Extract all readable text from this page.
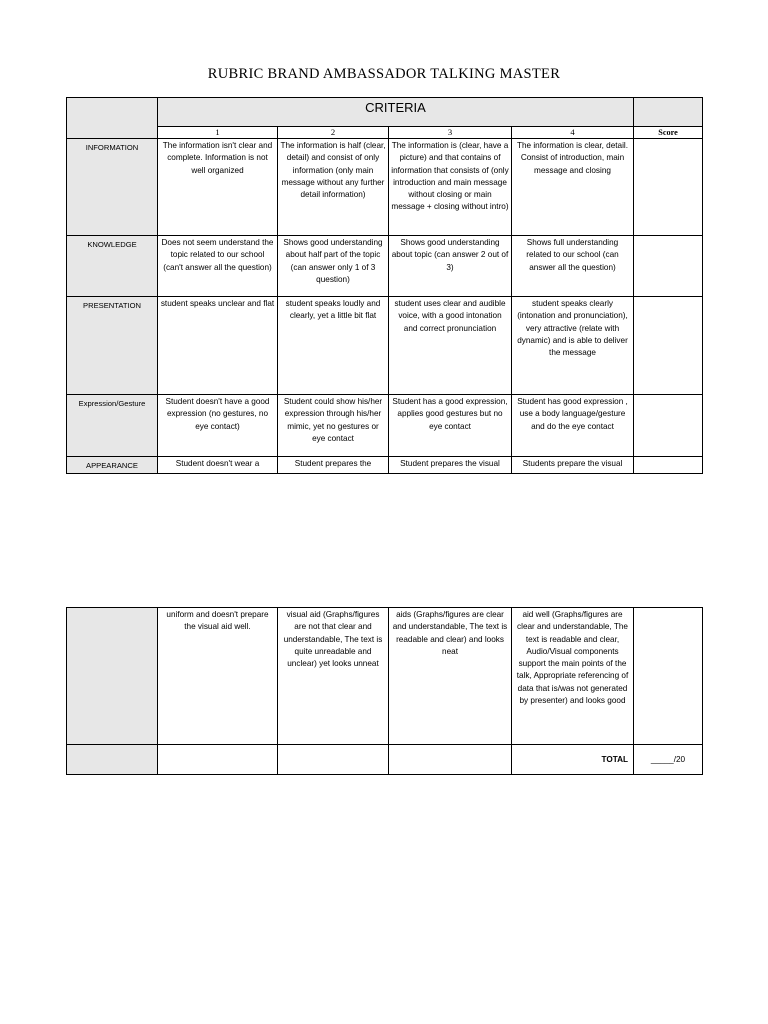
RUBRIC BRAND AMBASSADOR TALKING MASTER
	CRITERIA				
	1	2	3	4	Score
INFORMATION	The information isn't clear and complete. Information is not well organized	The information is half (clear, detail) and consist of only information (only main message without any further detail information)	The information is (clear, have a picture) and that contains of information that consists of (only introduction and main message without closing or main message + closing without intro)	The information is clear, detail. Consist of introduction, main message and closing	
KNOWLEDGE	Does not seem understand the topic related to our school (can't answer all the question)	Shows good understanding about half part of the topic (can answer only 1 of 3 question)	Shows good understanding about topic (can answer 2 out of 3)	Shows full understanding related to our school (can answer all the question)	
PRESENTATION	student speaks unclear and flat	student speaks loudly and clearly, yet a little bit flat	student uses clear and audible voice, with a good intonation and correct pronunciation	student speaks clearly (intonation and pronunciation), very attractive (relate with dynamic) and is able to deliver the message	
Expression/Gesture	Student doesn't have a good expression (no gestures, no eye contact)	Student could show his/her expression through his/her mimic, yet no gestures or eye contact	Student has a good expression, applies good gestures but no eye contact	Student has good expression , use a body language/gesture and do the eye contact	
APPEARANCE	Student doesn't wear a	Student prepares the	Student prepares the visual	Students prepare the visual	
	uniform and doesn't prepare the visual aid well.	visual aid (Graphs/figures are not that clear and understandable, The text is quite unreadable and unclear) yet looks unneat	aids (Graphs/figures are clear and understandable, The text is readable and clear) and looks neat	aid well (Graphs/figures are clear and understandable, The text is readable and clear, Audio/Visual components support the main points of the talk, Appropriate referencing of data that is/was not generated by presenter) and looks good	
				TOTAL	_____/20
